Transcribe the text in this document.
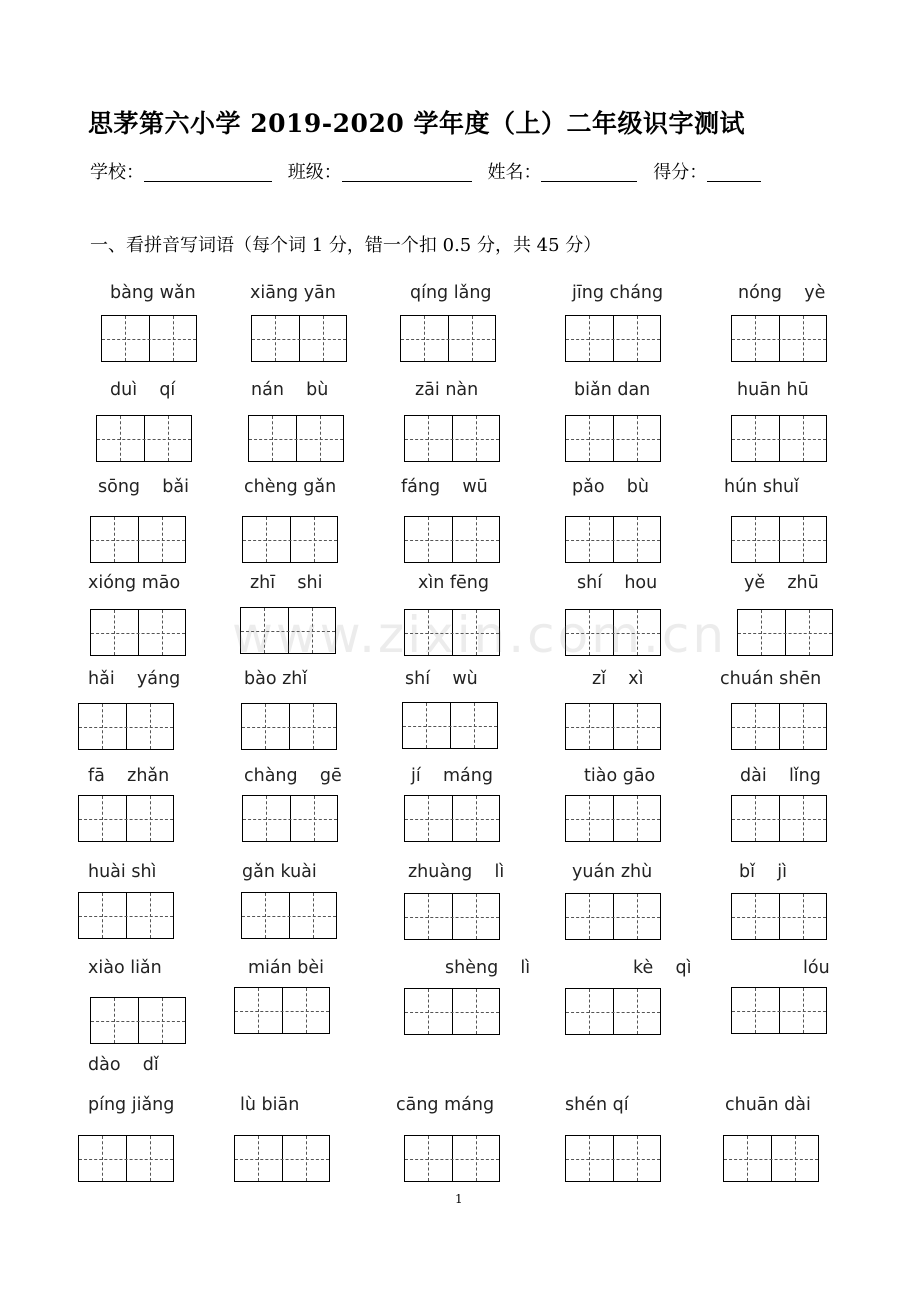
思茅第六小学 2019-2020 学年度（上）二年级识字测试
学校：	班级：	姓名：	得分：
一、看拼音写词语（每个词 1 分，错一个扣 0.5 分，共 45 分）
bàng wǎn	xiāng yān	qíng lǎng	jīng cháng	nóng    yè
duì    qí	nán    bù	zāi nàn	biǎn dan	huān hū
sōng    bǎi	chèng gǎn	fáng    wū	pǎo    bù	hún shuǐ
xióng māo	zhī    shi	xìn fēng	shí    hou	yě    zhū
hǎi    yáng	bào zhǐ	shí    wù	zǐ    xì	chuán shēn
fā    zhǎn	chàng    gē	jí    máng	tiào gāo	dài    lǐng
huài shì	gǎn kuài	zhuàng    lì	yuán zhù	bǐ    jì
xiào liǎn	mián bèi	shèng    lì	kè    qì	lóu
dào    dǐ
píng jiǎng	lù biān	cāng máng	shén qí	chuān dài
www.zixin.com.cn
1
